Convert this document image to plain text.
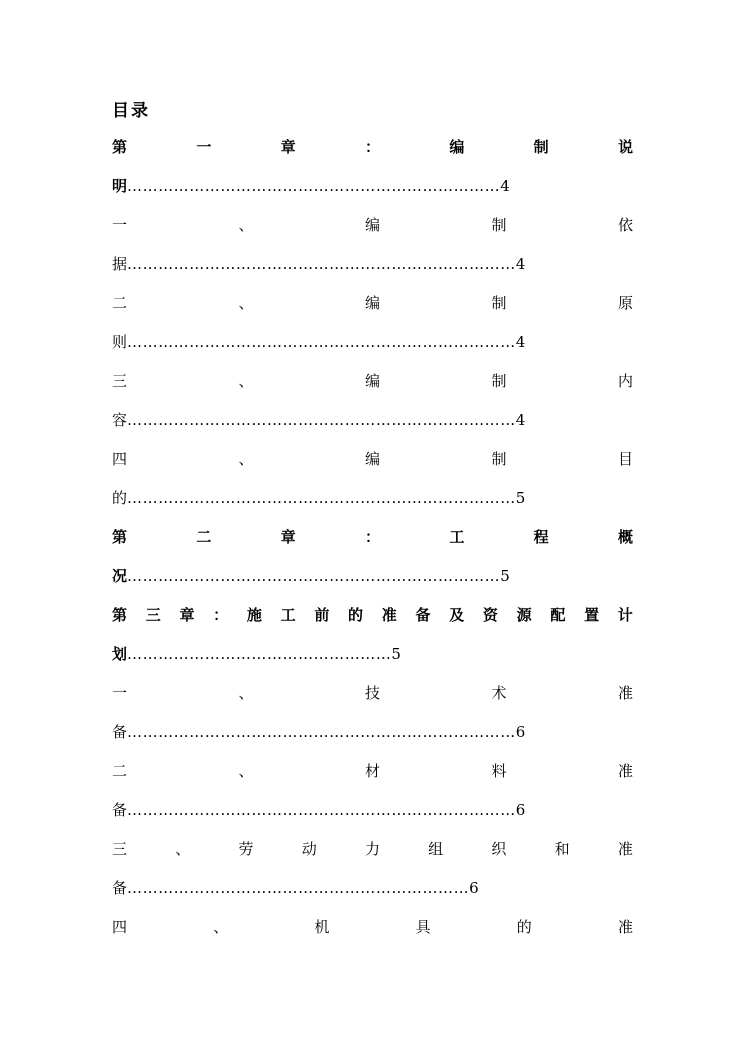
目录
第	一	章	：	编	制	说
明………………………………………………………………4
一	、	编	制	依
据…………………………………………………………………4
二	、	编	制	原
则…………………………………………………………………4
三	、	编	制	内
容…………………………………………………………………4
四	、	编	制	目
的…………………………………………………………………5
第	二	章	：	工	程	概
况………………………………………………………………5
第 三 章 ： 施 工 前 的 准 备 及 资 源 配 置 计
划……………………………………………5
一	、	技	术	准
备…………………………………………………………………6
二	、	材	料	准
备…………………………………………………………………6
三	、	劳	动	力	组	织	和	准
备…………………………………………………………6
四	、	机	具	的	准
